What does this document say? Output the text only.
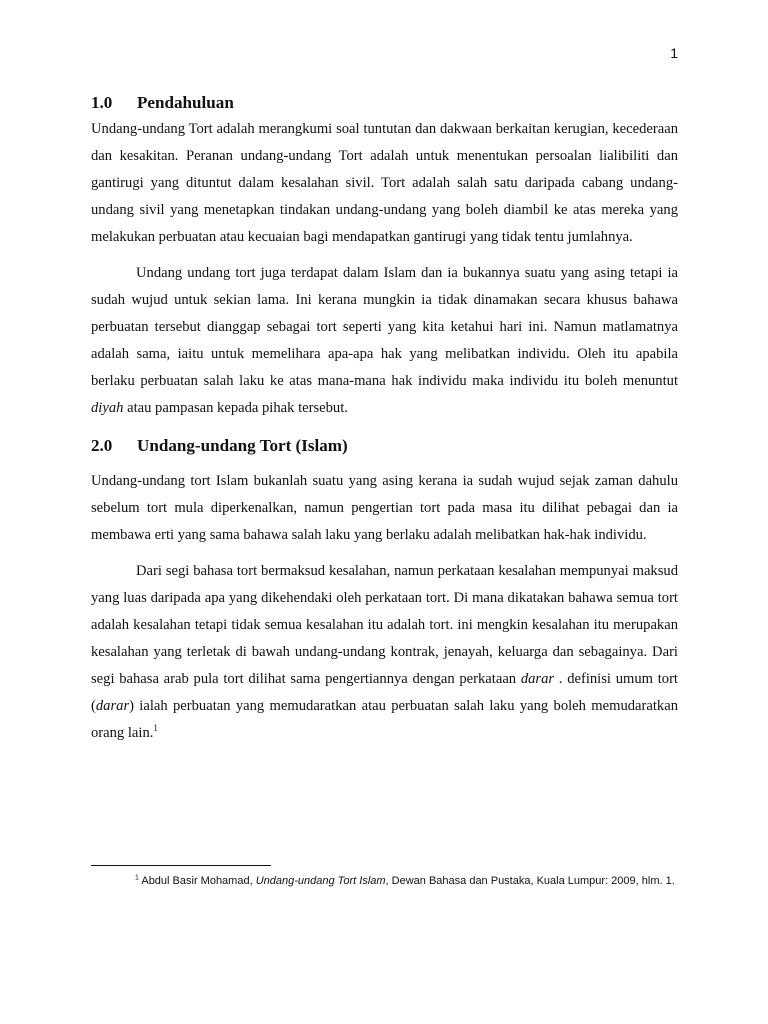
1
1.0 Pendahuluan

Undang-undang Tort adalah merangkumi soal tuntutan dan dakwaan berkaitan kerugian, kecederaan dan kesakitan. Peranan undang-undang Tort adalah untuk menentukan persoalan lialibiliti dan gantirugi yang dituntut dalam kesalahan sivil. Tort adalah salah satu daripada cabang undang-undang sivil yang menetapkan tindakan undang-undang yang boleh diambil ke atas mereka yang melakukan perbuatan atau kecuaian bagi mendapatkan gantirugi yang tidak tentu jumlahnya.

Undang undang tort juga terdapat dalam Islam dan ia bukannya suatu yang asing tetapi ia sudah wujud untuk sekian lama. Ini kerana mungkin ia tidak dinamakan secara khusus bahawa perbuatan tersebut dianggap sebagai tort seperti yang kita ketahui hari ini. Namun matlamatnya adalah sama, iaitu untuk memelihara apa-apa hak yang melibatkan individu. Oleh itu apabila berlaku perbuatan salah laku ke atas mana-mana hak individu maka individu itu boleh menuntut diyah atau pampasan kepada pihak tersebut.

2.0 Undang-undang Tort (Islam)

Undang-undang tort Islam bukanlah suatu yang asing kerana ia sudah wujud sejak zaman dahulu sebelum tort mula diperkenalkan, namun pengertian tort pada masa itu dilihat pebagai dan ia membawa erti yang sama bahawa salah laku yang berlaku adalah melibatkan hak-hak individu.

Dari segi bahasa tort bermaksud kesalahan, namun perkataan kesalahan mempunyai maksud yang luas daripada apa yang dikehendaki oleh perkataan tort. Di mana dikatakan bahawa semua tort adalah kesalahan tetapi tidak semua kesalahan itu adalah tort. ini mengkin kesalahan itu merupakan kesalahan yang terletak di bawah undang-undang kontrak, jenayah, keluarga dan sebagainya. Dari segi bahasa arab pula tort dilihat sama pengertiannya dengan perkataan darar . definisi umum tort (darar) ialah perbuatan yang memudaratkan atau perbuatan salah laku yang boleh memudaratkan orang lain.$^1$

$^1$ Abdul Basir Mohamad, Undang-undang Tort Islam, Dewan Bahasa dan Pustaka, Kuala Lumpur: 2009, hlm. 1.
